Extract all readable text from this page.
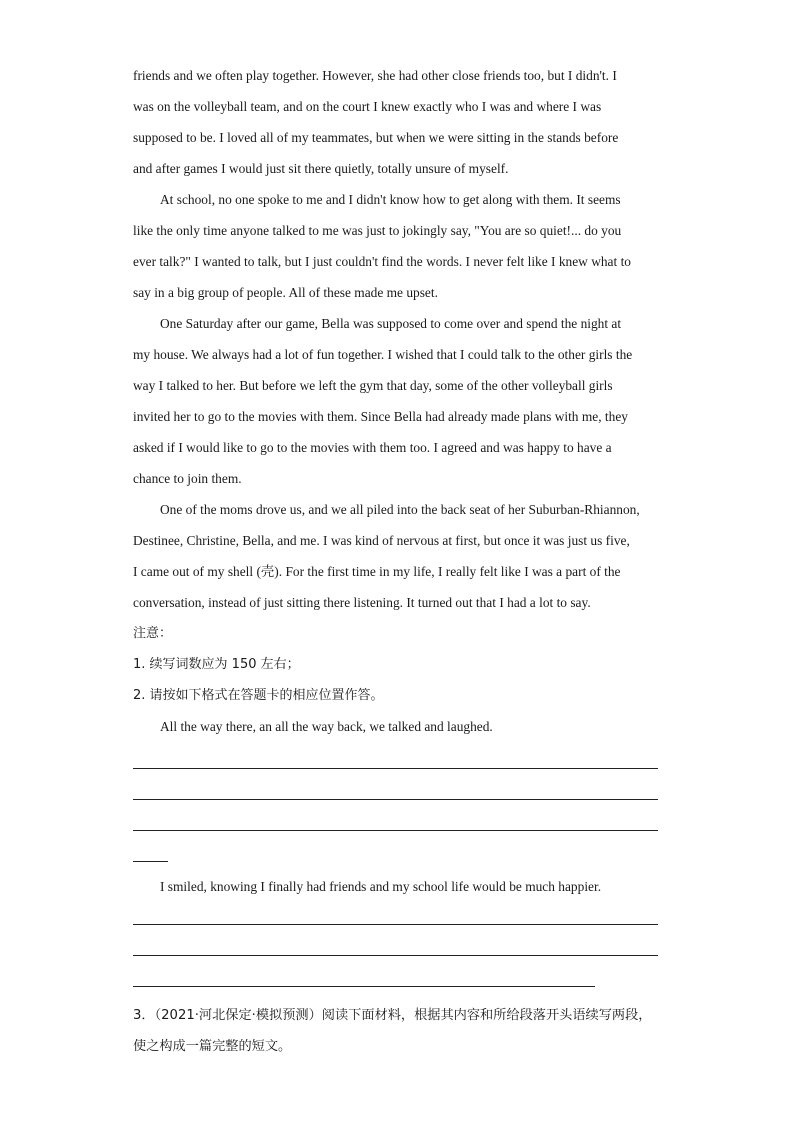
friends and we often play together. However, she had other close friends too, but I didn't. I
was on the volleyball team, and on the court I knew exactly who I was and where I was
supposed to be. I loved all of my teammates, but when we were sitting in the stands before
and after games I would just sit there quietly, totally unsure of myself.
At school, no one spoke to me and I didn't know how to get along with them. It seems
like the only time anyone talked to me was just to jokingly say, "You are so quiet!... do you
ever talk?" I wanted to talk, but I just couldn't find the words. I never felt like I knew what to
say in a big group of people. All of these made me upset.
One Saturday after our game, Bella was supposed to come over and spend the night at
my house. We always had a lot of fun together. I wished that I could talk to the other girls the
way I talked to her. But before we left the gym that day, some of the other volleyball girls
invited her to go to the movies with them. Since Bella had already made plans with me, they
asked if I would like to go to the movies with them too. I agreed and was happy to have a
chance to join them.
One of the moms drove us, and we all piled into the back seat of her Suburban-Rhiannon,
Destinee, Christine, Bella, and me. I was kind of nervous at first, but once it was just us five,
I came out of my shell (壳). For the first time in my life, I really felt like I was a part of the
conversation, instead of just sitting there listening. It turned out that I had a lot to say.
注意：
1. 续写词数应为 150 左右；
2. 请按如下格式在答题卡的相应位置作答。
All the way there, an all the way back, we talked and laughed.
I smiled, knowing I finally had friends and my school life would be much happier.
3．（2021·河北保定·模拟预测）阅读下面材料，根据其内容和所给段落开头语续写两段，
使之构成一篇完整的短文。
